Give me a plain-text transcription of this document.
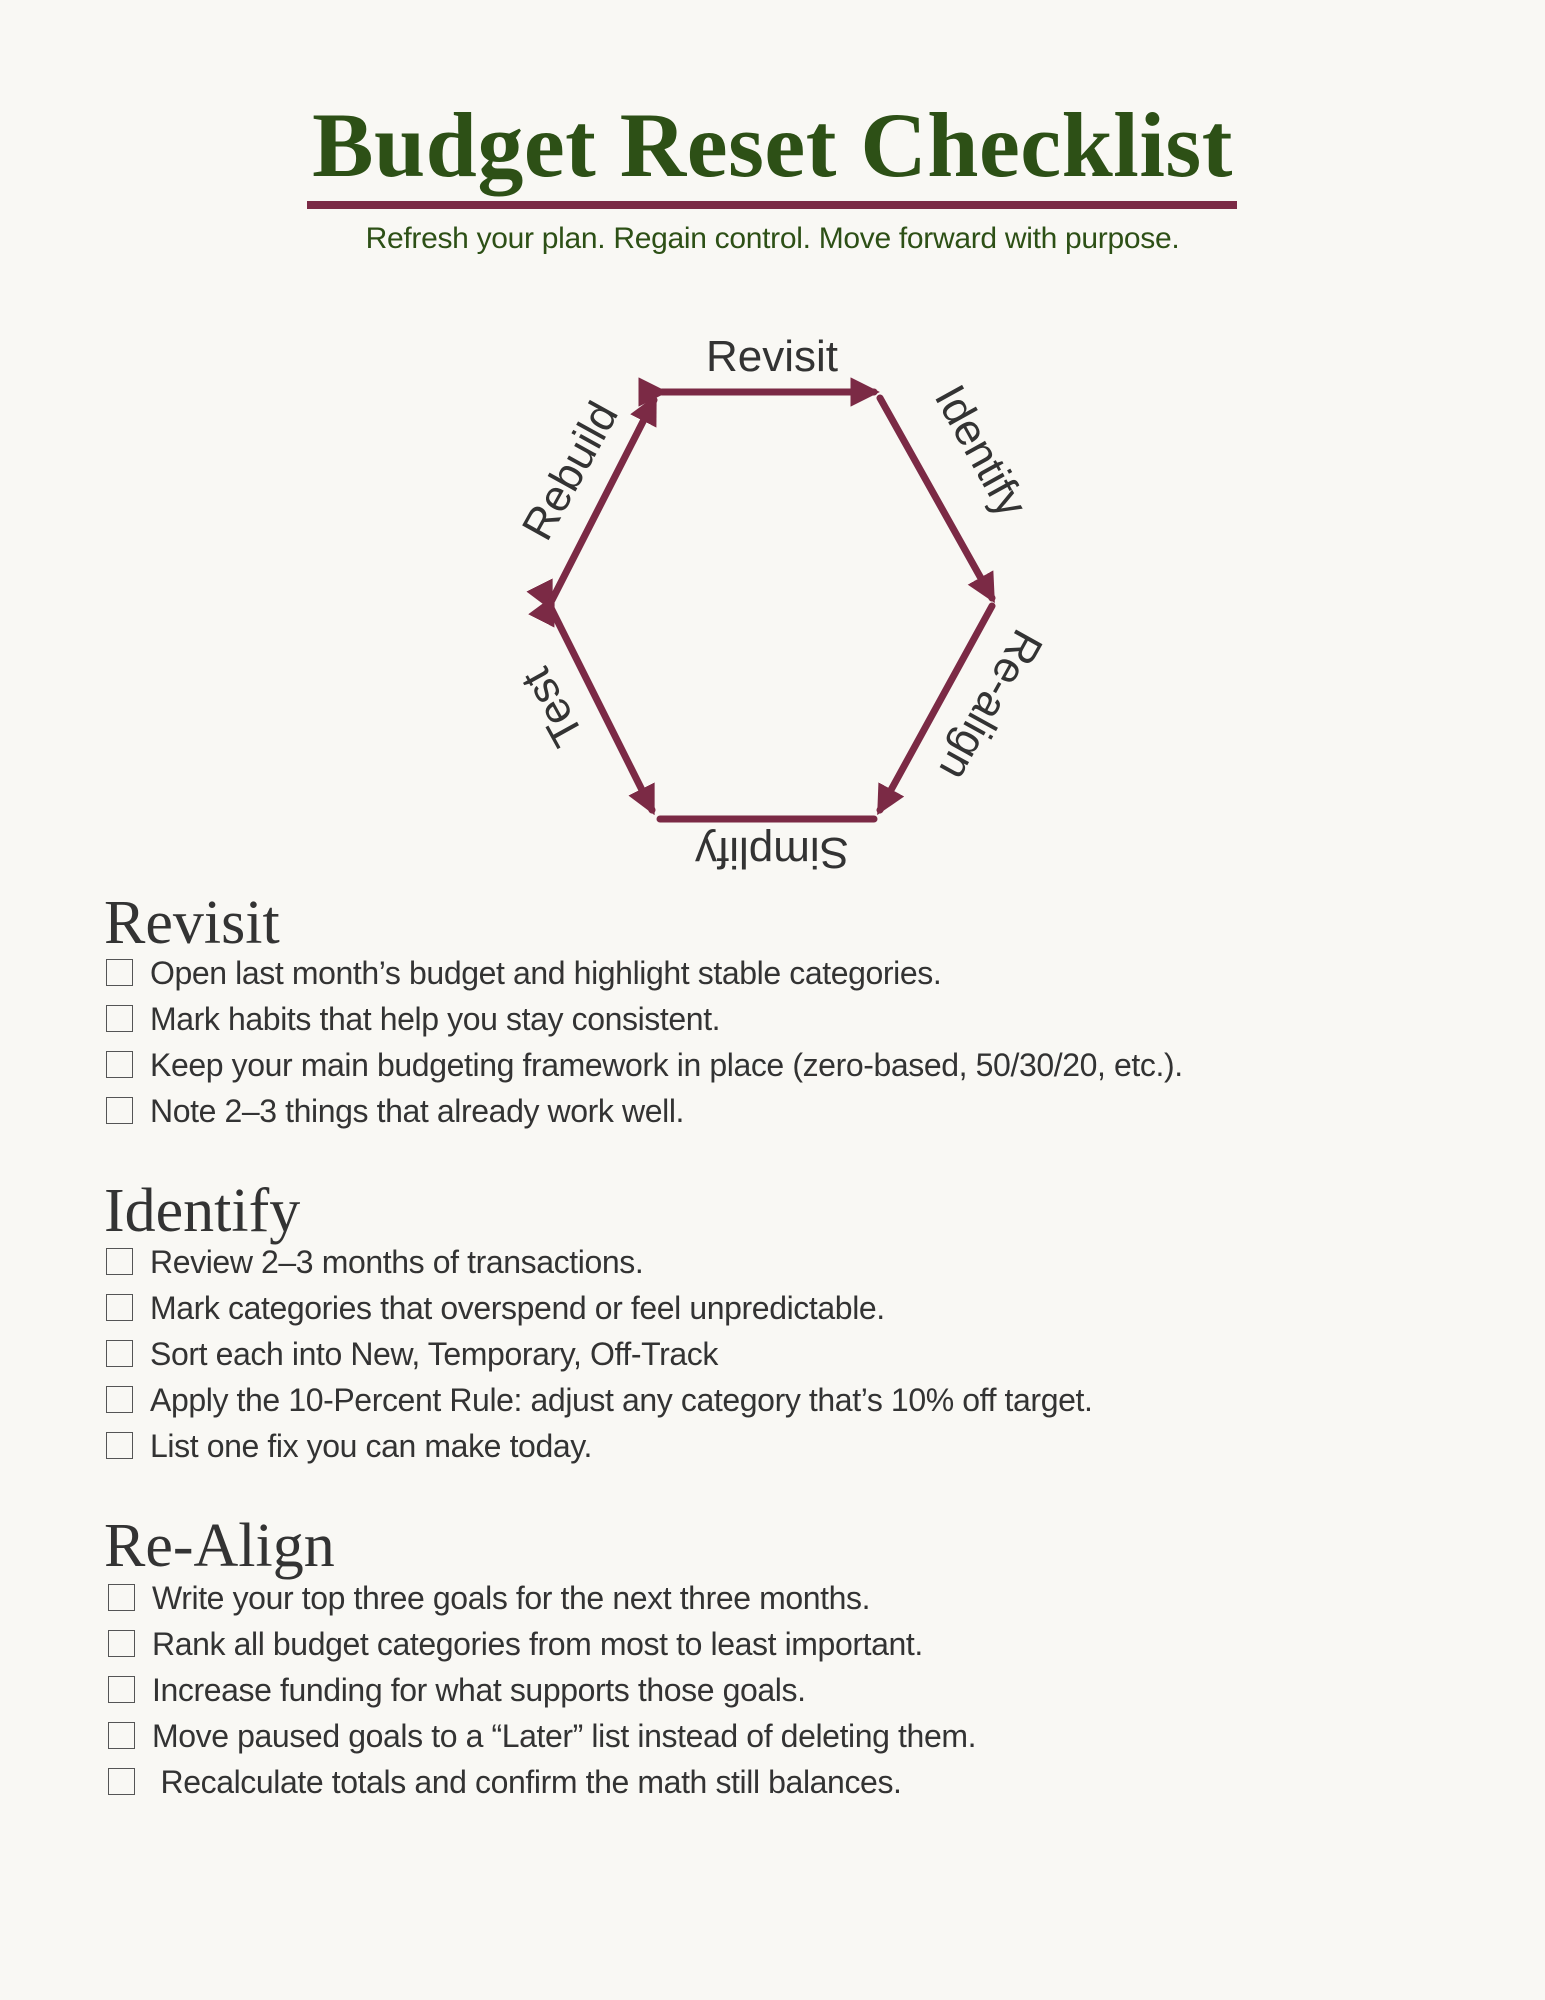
Budget Reset Checklist
Refresh your plan. Regain control. Move forward with purpose.
Revisit
Identify
Re-align
Simplify
Test
Rebuild
Revisit
Open last month’s budget and highlight stable categories.
Mark habits that help you stay consistent.
Keep your main budgeting framework in place (zero-based, 50/30/20, etc.).
Note 2–3 things that already work well.
Identify
Review 2–3 months of transactions.
Mark categories that overspend or feel unpredictable.
Sort each into New, Temporary, Off-Track
Apply the 10-Percent Rule: adjust any category that’s 10% off target.
List one fix you can make today.
Re-Align
Write your top three goals for the next three months.
Rank all budget categories from most to least important.
Increase funding for what supports those goals.
Move paused goals to a “Later” list instead of deleting them.
Recalculate totals and confirm the math still balances.
